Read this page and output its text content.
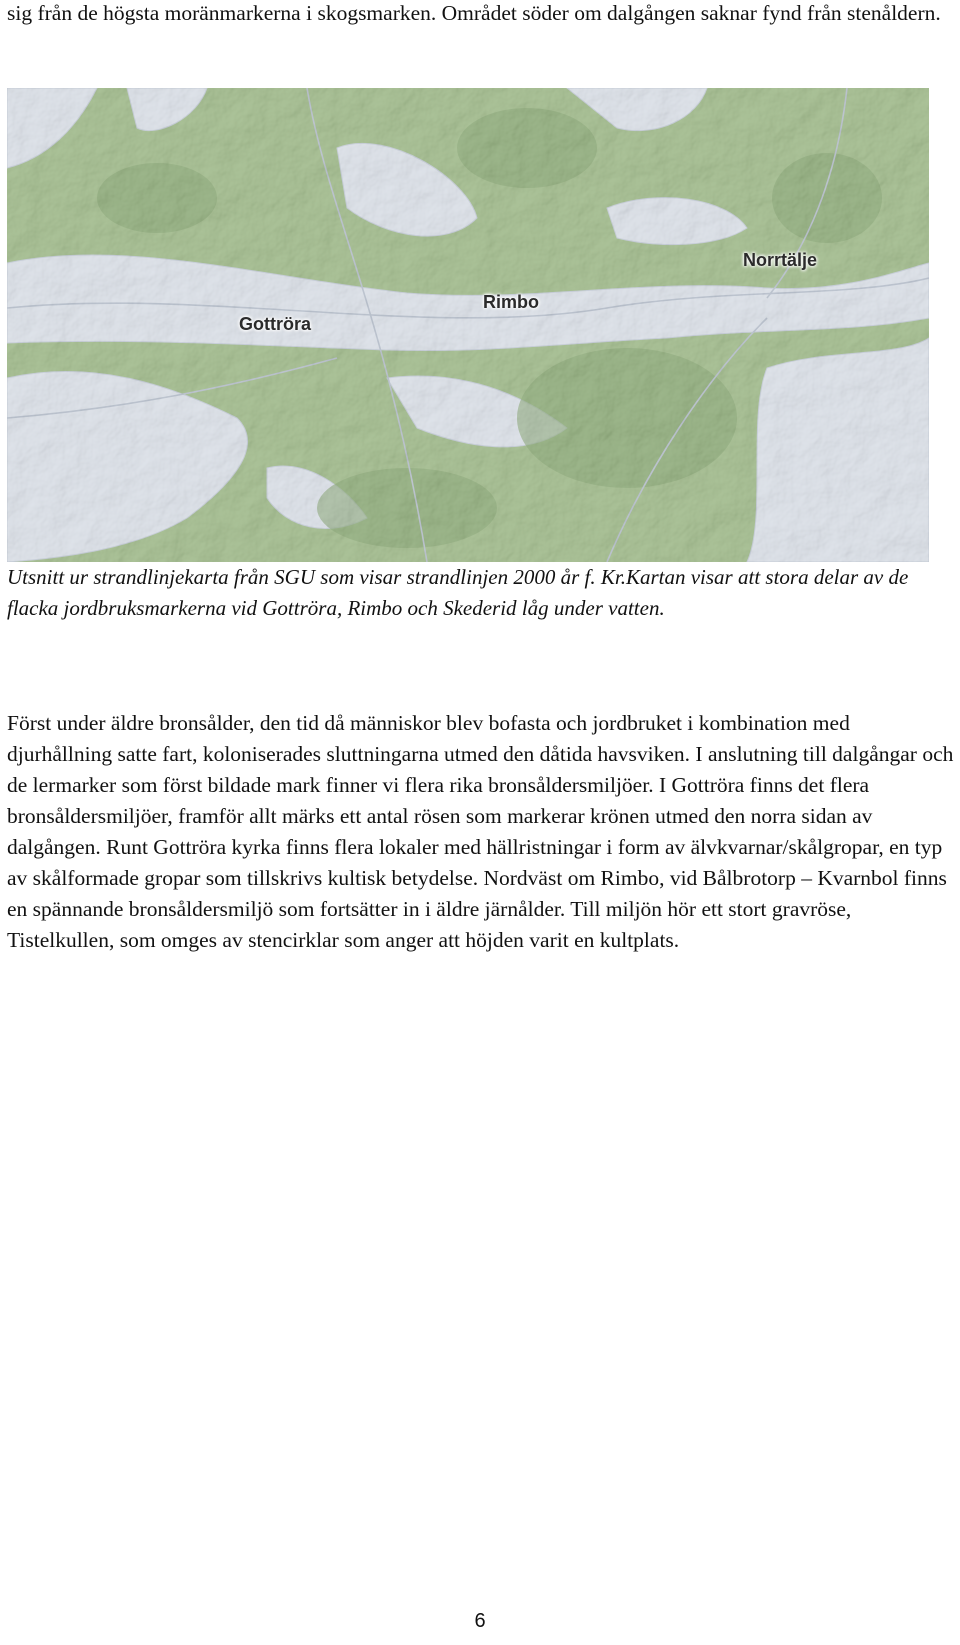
sig från de högsta moränmarkerna i skogsmarken. Området söder om dalgången saknar fynd från stenåldern.

Norrtälje
Rimbo
Gottröra

Utsnitt ur strandlinjekarta från SGU som visar strandlinjen 2000 år f. Kr.Kartan visar att stora delar av de flacka jordbruksmarkerna vid Gottröra, Rimbo och Skederid låg under vatten.

Först under äldre bronsålder, den tid då människor blev bofasta och jordbruket i kombination med djurhållning satte fart, koloniserades sluttningarna utmed den dåtida havsviken. I anslutning till dalgångar och de lermarker som först bildade mark finner vi flera rika bronsåldersmiljöer. I Gottröra finns det flera bronsåldersmiljöer, framför allt märks ett antal rösen som markerar krönen utmed den norra sidan av dalgången. Runt Gottröra kyrka finns flera lokaler med hällristningar i form av älvkvarnar/skålgropar, en typ av skålformade gropar som tillskrivs kultisk betydelse. Nordväst om Rimbo, vid Bålbrotorp – Kvarnbol finns en spännande bronsåldersmiljö som fortsätter in i äldre järnålder. Till miljön hör ett stort gravröse, Tistelkullen, som omges av stencirklar som anger att höjden varit en kultplats.

6
